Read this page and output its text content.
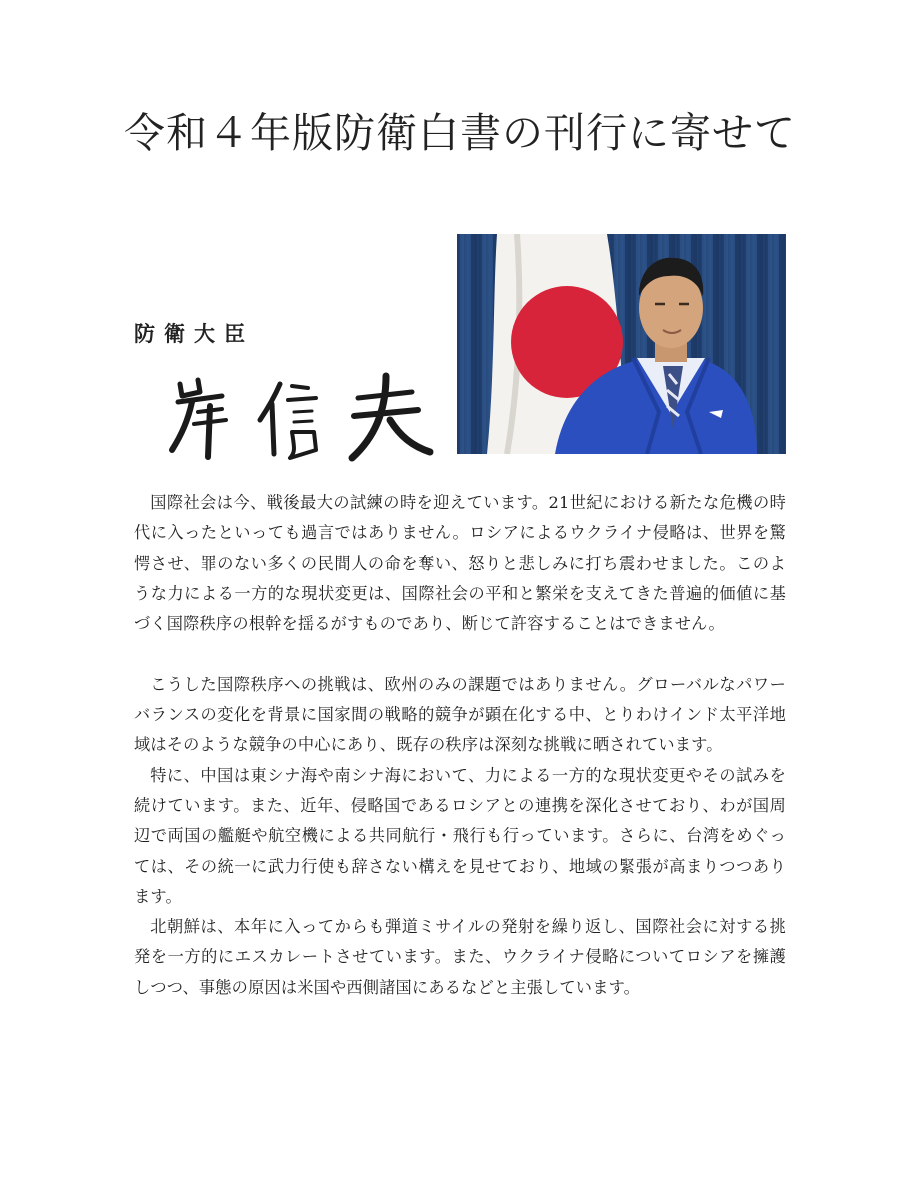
令和４年版防衛白書の刊行に寄せて
防衛大臣

国際社会は今、戦後最大の試練の時を迎えています。21世紀における新たな危機の時代に入ったといっても過言ではありません。ロシアによるウクライナ侵略は、世界を驚愕させ、罪のない多くの民間人の命を奪い、怒りと悲しみに打ち震わせました。このような力による一方的な現状変更は、国際社会の平和と繁栄を支えてきた普遍的価値に基づく国際秩序の根幹を揺るがすものであり、断じて許容することはできません。

こうした国際秩序への挑戦は、欧州のみの課題ではありません。グローバルなパワーバランスの変化を背景に国家間の戦略的競争が顕在化する中、とりわけインド太平洋地域はそのような競争の中心にあり、既存の秩序は深刻な挑戦に晒されています。

特に、中国は東シナ海や南シナ海において、力による一方的な現状変更やその試みを続けています。また、近年、侵略国であるロシアとの連携を深化させており、わが国周辺で両国の艦艇や航空機による共同航行・飛行も行っています。さらに、台湾をめぐっては、その統一に武力行使も辞さない構えを見せており、地域の緊張が高まりつつあります。

北朝鮮は、本年に入ってからも弾道ミサイルの発射を繰り返し、国際社会に対する挑発を一方的にエスカレートさせています。また、ウクライナ侵略についてロシアを擁護しつつ、事態の原因は米国や西側諸国にあるなどと主張しています。
